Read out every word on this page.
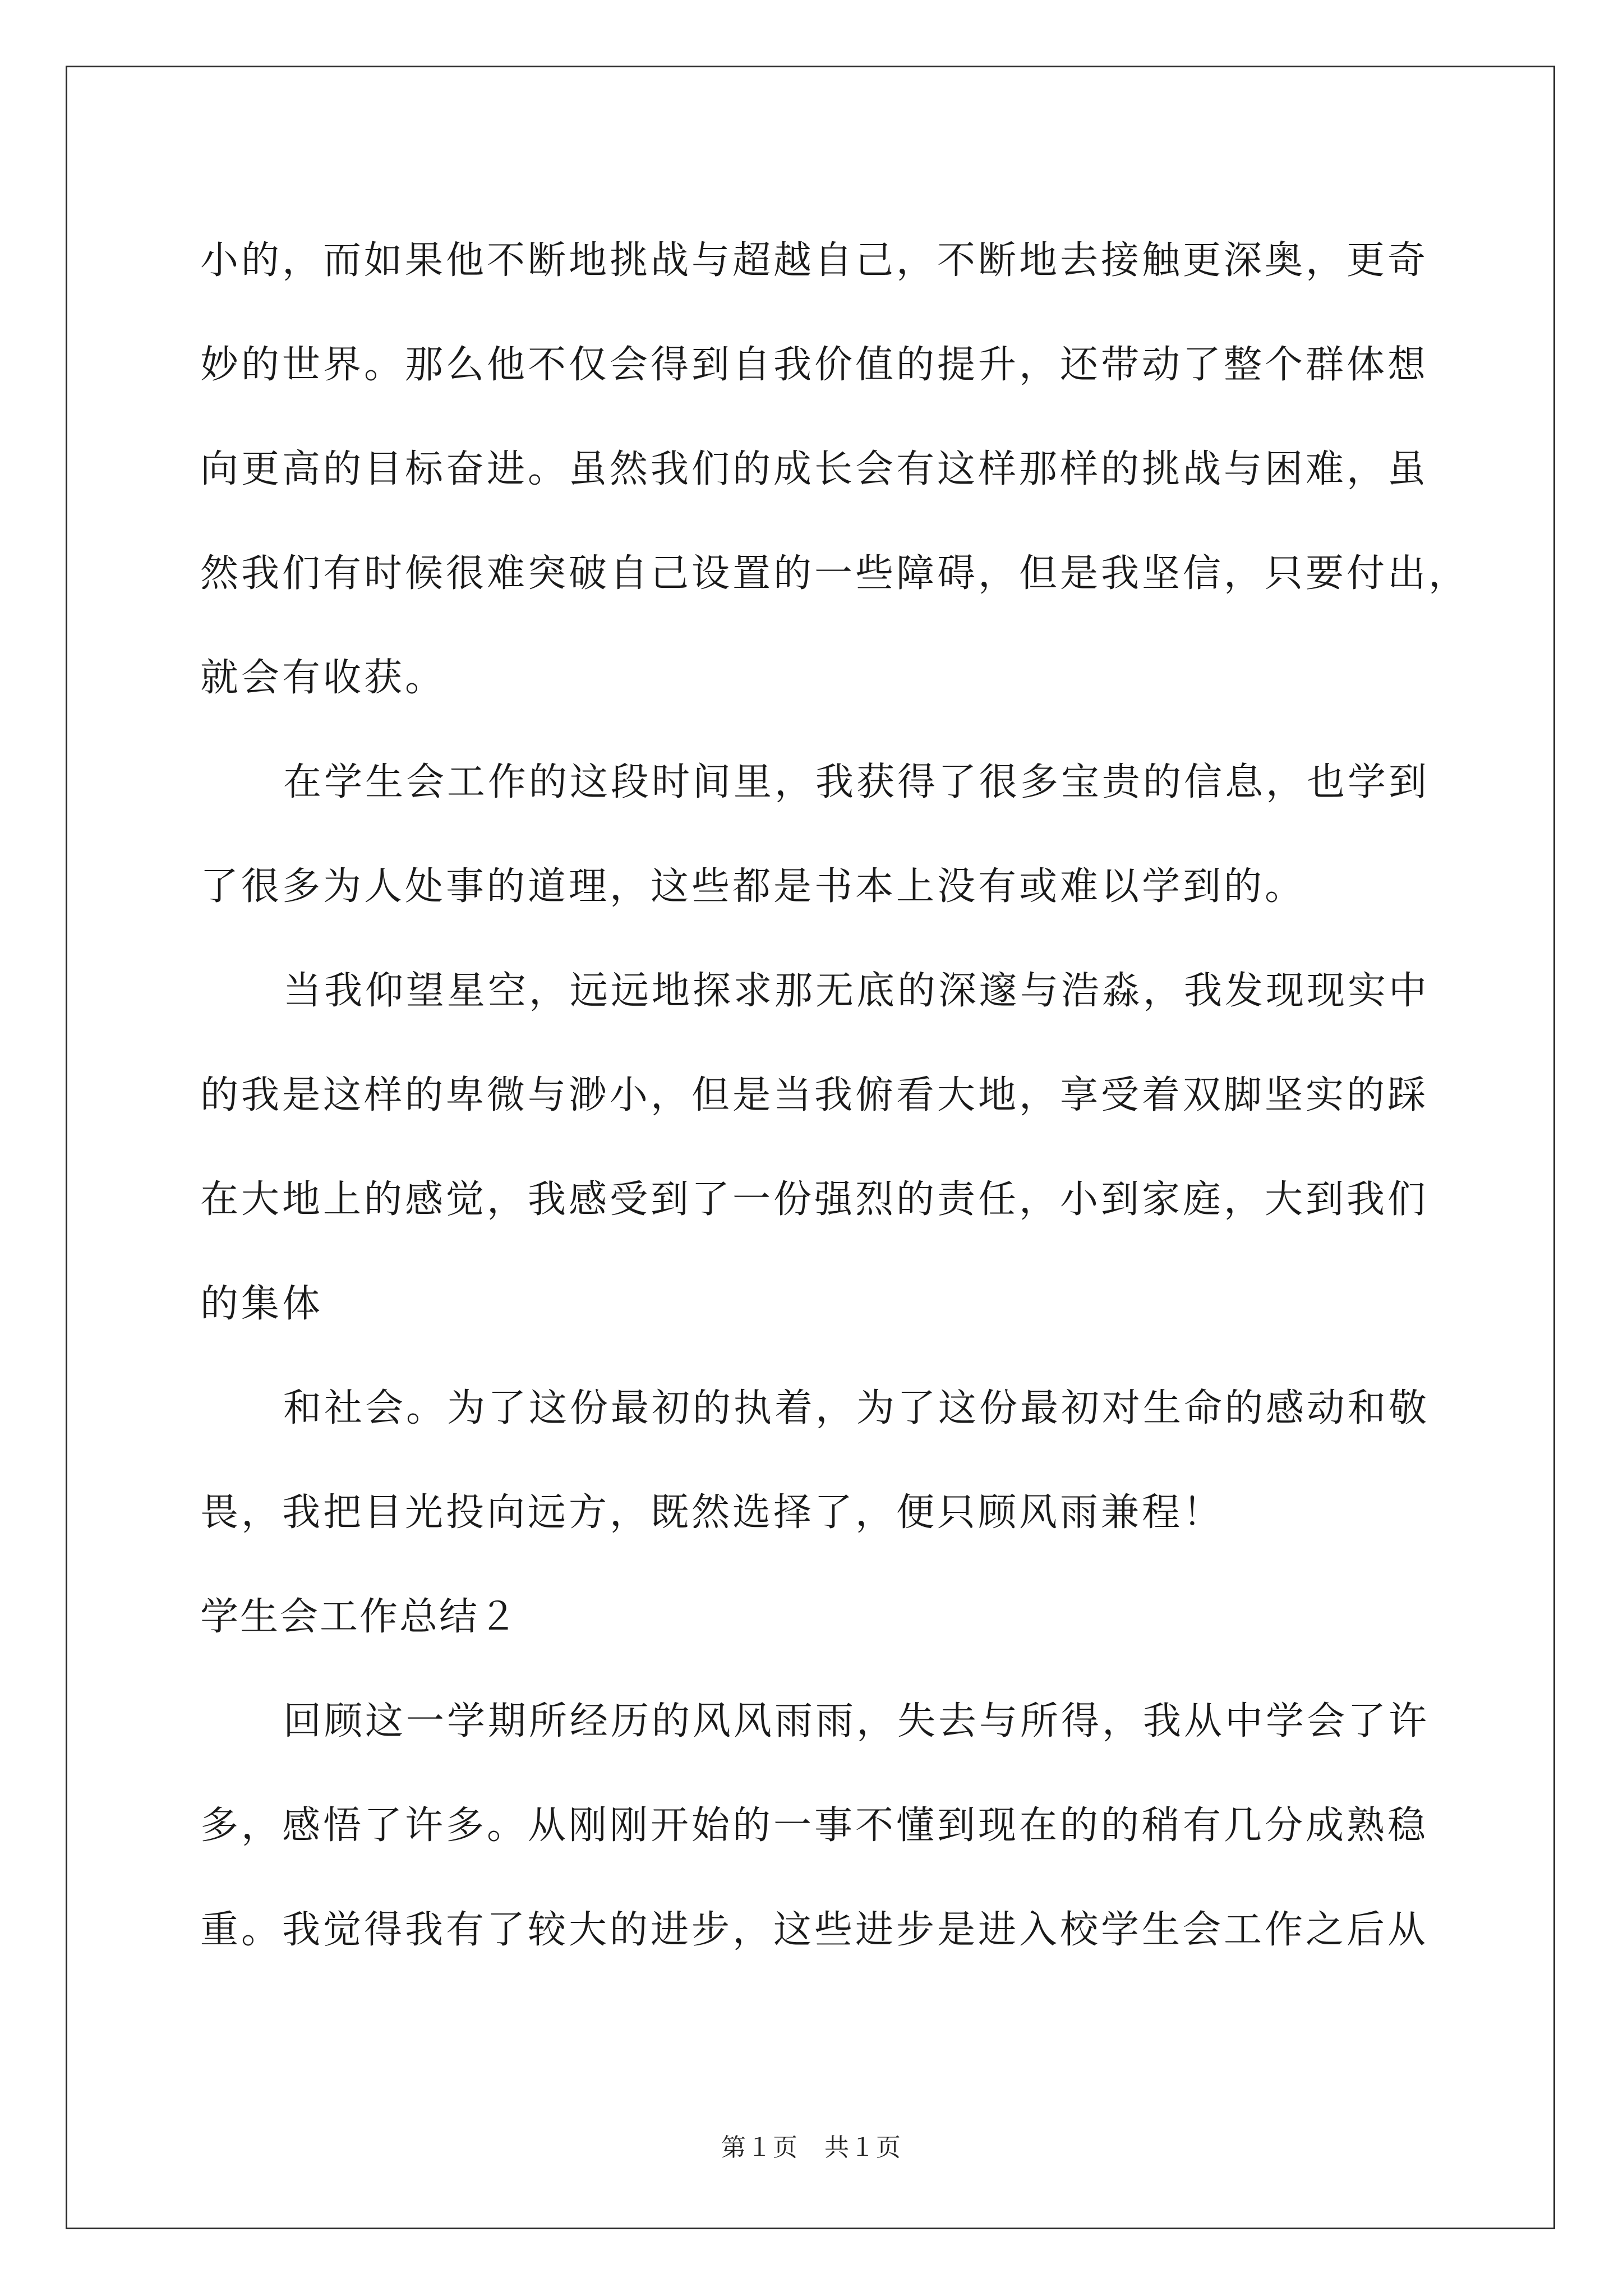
小的，而如果他不断地挑战与超越自己，不断地去接触更深奥，更奇
妙的世界。那么他不仅会得到自我价值的提升，还带动了整个群体想
向更高的目标奋进。虽然我们的成长会有这样那样的挑战与困难，虽
然我们有时候很难突破自己设置的一些障碍，但是我坚信，只要付出，
就会有收获。
在学生会工作的这段时间里，我获得了很多宝贵的信息，也学到
了很多为人处事的道理，这些都是书本上没有或难以学到的。
当我仰望星空，远远地探求那无底的深邃与浩淼，我发现现实中
的我是这样的卑微与渺小，但是当我俯看大地，享受着双脚坚实的踩
在大地上的感觉，我感受到了一份强烈的责任，小到家庭，大到我们
的集体
和社会。为了这份最初的执着，为了这份最初对生命的感动和敬
畏，我把目光投向远方，既然选择了，便只顾风雨兼程！
学生会工作总结２
回顾这一学期所经历的风风雨雨，失去与所得，我从中学会了许
多，感悟了许多。从刚刚开始的一事不懂到现在的的稍有几分成熟稳
重。我觉得我有了较大的进步，这些进步是进入校学生会工作之后从
第１页　共１页
